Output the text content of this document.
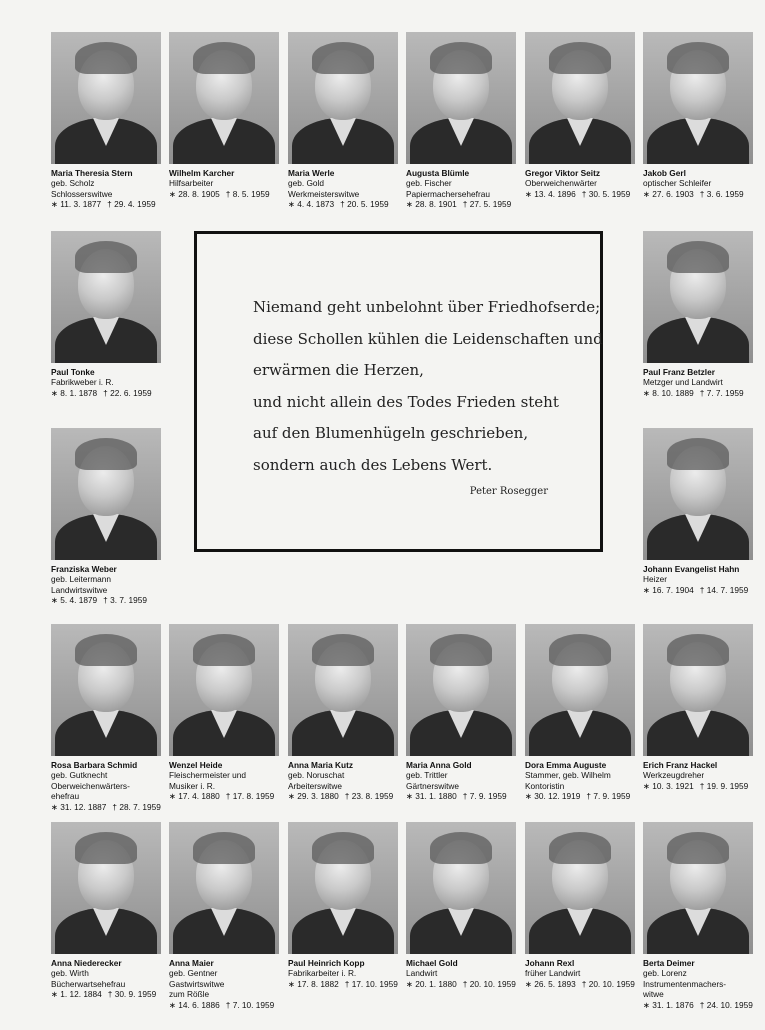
Maria Theresia Stern
geb. Scholz
Schlosserswitwe
∗ 11. 3. 1877 † 29. 4. 1959
Wilhelm Karcher
Hilfsarbeiter
∗ 28. 8. 1905 † 8. 5. 1959
Maria Werle
geb. Gold
Werkmeisterswitwe
∗ 4. 4. 1873 † 20. 5. 1959
Augusta Blümle
geb. Fischer
Papiermachersehefrau
∗ 28. 8. 1901 † 27. 5. 1959
Gregor Viktor Seitz
Oberweichenwärter
∗ 13. 4. 1896 † 30. 5. 1959
Jakob Gerl
optischer Schleifer
∗ 27. 6. 1903 † 3. 6. 1959
Paul Tonke
Fabrikweber i. R.
∗ 8. 1. 1878 † 22. 6. 1959
Paul Franz Betzler
Metzger und Landwirt
∗ 8. 10. 1889 † 7. 7. 1959
Franziska Weber
geb. Leitermann
Landwirtswitwe
∗ 5. 4. 1879 † 3. 7. 1959
Johann Evangelist Hahn
Heizer
∗ 16. 7. 1904 † 14. 7. 1959
Rosa Barbara Schmid
geb. Gutknecht
Oberweichenwärters-
ehefrau
∗ 31. 12. 1887 † 28. 7. 1959
Wenzel Heide
Fleischermeister und
Musiker i. R.
∗ 17. 4. 1880 † 17. 8. 1959
Anna Maria Kutz
geb. Noruschat
Arbeiterswitwe
∗ 29. 3. 1880 † 23. 8. 1959
Maria Anna Gold
geb. Trittler
Gärtnerswitwe
∗ 31. 1. 1880 † 7. 9. 1959
Dora Emma Auguste
Stammer, geb. Wilhelm
Kontoristin
∗ 30. 12. 1919 † 7. 9. 1959
Erich Franz Hackel
Werkzeugdreher
∗ 10. 3. 1921 † 19. 9. 1959
Anna Niederecker
geb. Wirth
Bücherwartsehefrau
∗ 1. 12. 1884 † 30. 9. 1959
Anna Maier
geb. Gentner
Gastwirtswitwe
zum Rößle
∗ 14. 6. 1886 † 7. 10. 1959
Paul Heinrich Kopp
Fabrikarbeiter i. R.
∗ 17. 8. 1882 † 17. 10. 1959
Michael Gold
Landwirt
∗ 20. 1. 1880 † 20. 10. 1959
Johann Rexl
früher Landwirt
∗ 26. 5. 1893 † 20. 10. 1959
Berta Deimer
geb. Lorenz
Instrumentenmachers-
witwe
∗ 31. 1. 1876 † 24. 10. 1959
Niemand geht unbelohnt über Friedhofserde;
diese Schollen kühlen die Leidenschaften und
erwärmen die Herzen,
und nicht allein des Todes Frieden steht
auf den Blumenhügeln geschrieben,
sondern auch des Lebens Wert.
Peter Rosegger
